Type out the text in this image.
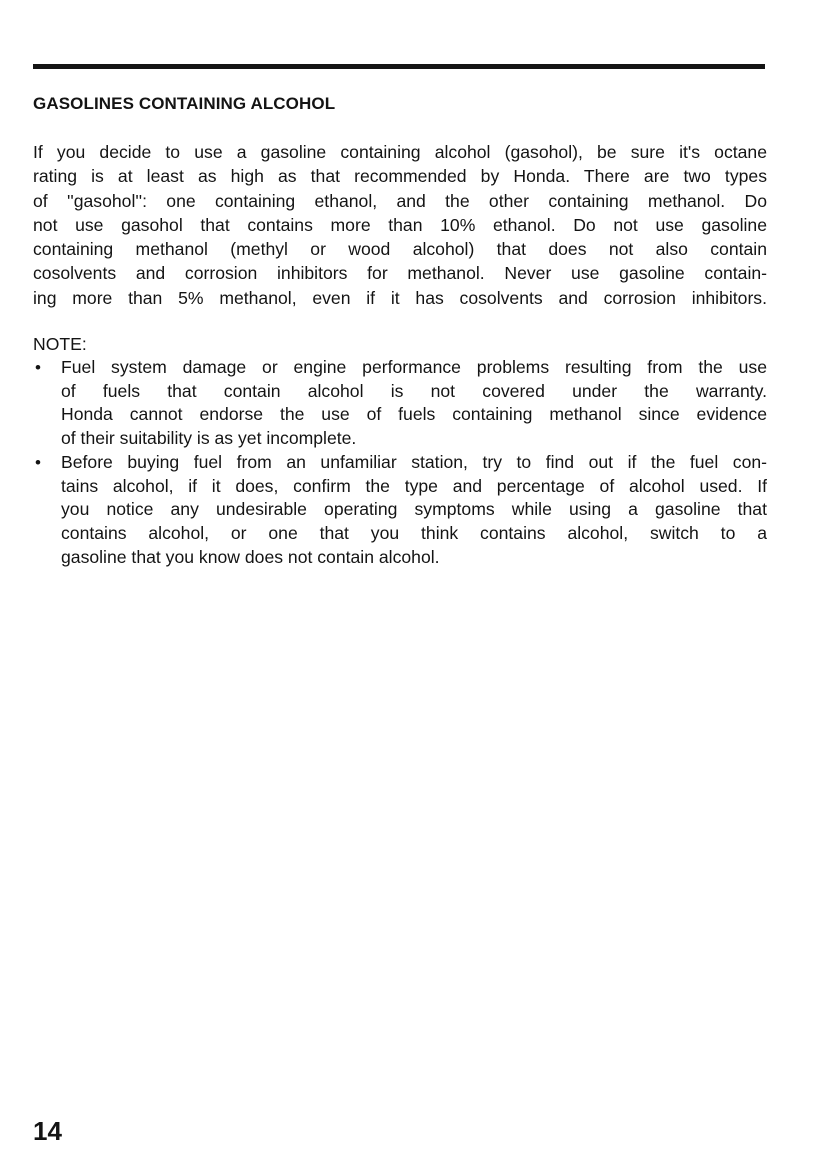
GASOLINES CONTAINING ALCOHOL
If you decide to use a gasoline containing alcohol (gasohol), be sure it's octane
rating is at least as high as that recommended by Honda. There are two types
of ''gasohol'': one containing ethanol, and the other containing methanol. Do
not use gasohol that contains more than 10% ethanol. Do not use gasoline
containing methanol (methyl or wood alcohol) that does not also contain
cosolvents and corrosion inhibitors for methanol. Never use gasoline contain-
ing more than 5% methanol, even if it has cosolvents and corrosion inhibitors.

NOTE:

• Fuel system damage or engine performance problems resulting from the use
of fuels that contain alcohol is not covered under the warranty.
Honda cannot endorse the use of fuels containing methanol since evidence
of their suitability is as yet incomplete.
• Before buying fuel from an unfamiliar station, try to find out if the fuel con-
tains alcohol, if it does, confirm the type and percentage of alcohol used. If
you notice any undesirable operating symptoms while using a gasoline that
contains alcohol, or one that you think contains alcohol, switch to a
gasoline that you know does not contain alcohol.

14
